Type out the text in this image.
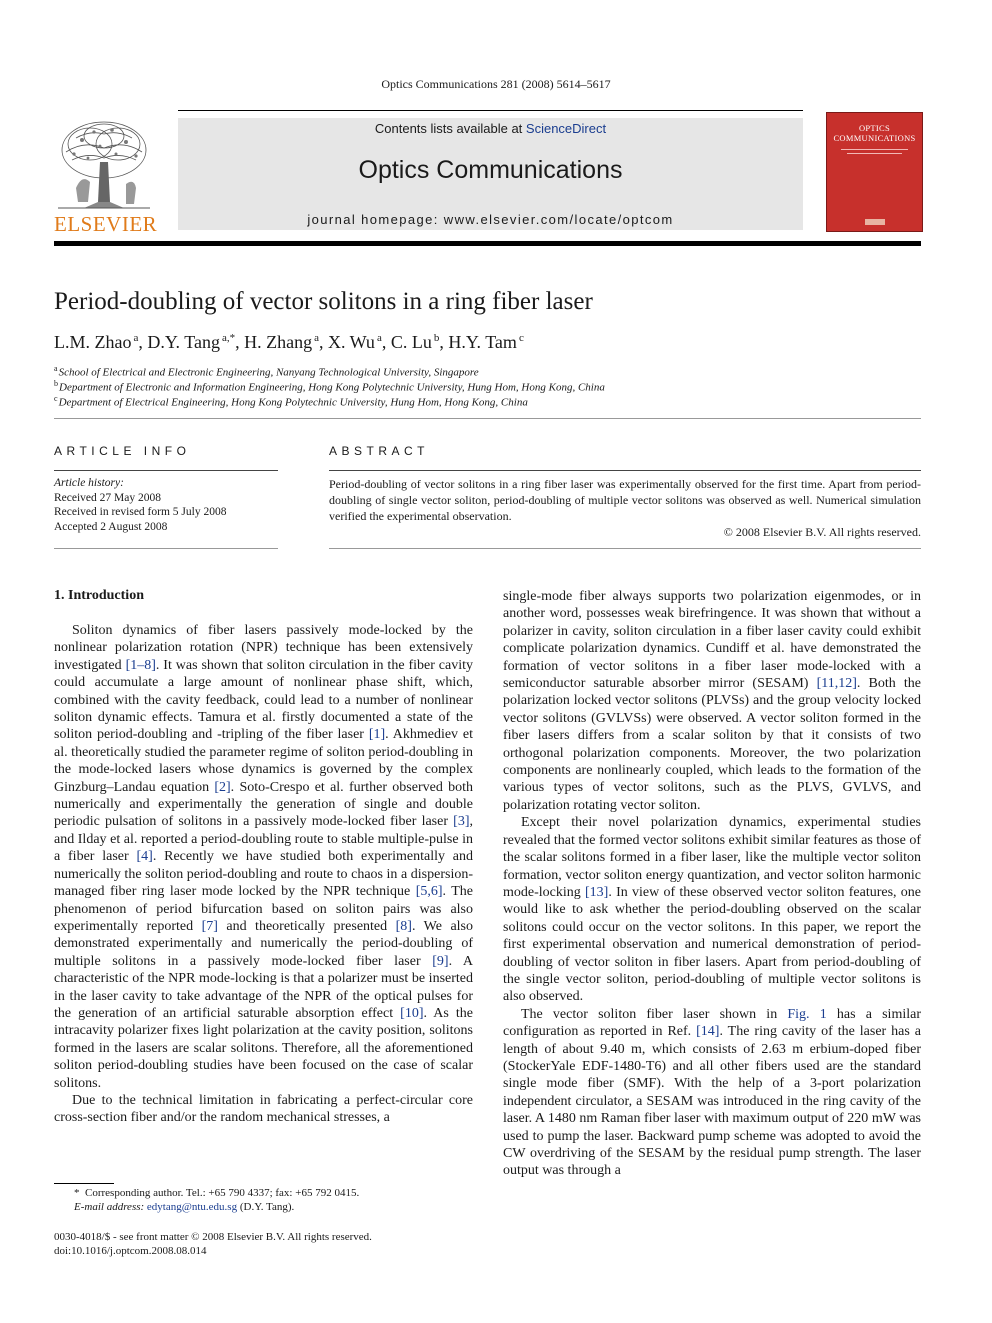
Optics Communications 281 (2008) 5614–5617
ELSEVIER
Contents lists available at ScienceDirect
Optics Communications
journal homepage: www.elsevier.com/locate/optcom
OPTICS
COMMUNICATIONS
Period-doubling of vector solitons in a ring fiber laser
L.M. Zhao $^a$, D.Y. Tang $^{a,*}$, H. Zhang $^a$, X. Wu $^a$, C. Lu $^b$, H.Y. Tam $^c$
$^a$School of Electrical and Electronic Engineering, Nanyang Technological University, Singapore
$^b$Department of Electronic and Information Engineering, Hong Kong Polytechnic University, Hung Hom, Hong Kong, China
$^c$Department of Electrical Engineering, Hong Kong Polytechnic University, Hung Hom, Hong Kong, China
ARTICLE INFO
Article history:
Received 27 May 2008
Received in revised form 5 July 2008
Accepted 2 August 2008
ABSTRACT
Period-doubling of vector solitons in a ring fiber laser was experimentally observed for the first time. Apart from period-doubling of single vector soliton, period-doubling of multiple vector solitons was observed as well. Numerical simulation verified the experimental observation.
© 2008 Elsevier B.V. All rights reserved.
1. Introduction

Soliton dynamics of fiber lasers passively mode-locked by the nonlinear polarization rotation (NPR) technique has been extensively investigated [1–8]. It was shown that soliton circulation in the fiber cavity could accumulate a large amount of nonlinear phase shift, which, combined with the cavity feedback, could lead to a number of nonlinear soliton dynamic effects. Tamura et al. firstly documented a state of the soliton period-doubling and -tripling of the fiber laser [1]. Akhmediev et al. theoretically studied the parameter regime of soliton period-doubling in the mode-locked lasers whose dynamics is governed by the complex Ginzburg–Landau equation [2]. Soto-Crespo et al. further observed both numerically and experimentally the generation of single and double periodic pulsation of solitons in a passively mode-locked fiber laser [3], and Ilday et al. reported a period-doubling route to stable multiple-pulse in a fiber laser [4]. Recently we have studied both experimentally and numerically the soliton period-doubling and route to chaos in a dispersion-managed fiber ring laser mode locked by the NPR technique [5,6]. The phenomenon of period bifurcation based on soliton pairs was also experimentally reported [7] and theoretically presented [8]. We also demonstrated experimentally and numerically the period-doubling of multiple solitons in a passively mode-locked fiber laser [9]. A characteristic of the NPR mode-locking is that a polarizer must be inserted in the laser cavity to take advantage of the NPR of the optical pulses for the generation of an artificial saturable absorption effect [10]. As the intracavity polarizer fixes light polarization at the cavity position, solitons formed in the lasers are scalar solitons. Therefore, all the aforementioned soliton period-doubling studies have been focused on the case of scalar solitons.

Due to the technical limitation in fabricating a perfect-circular core cross-section fiber and/or the random mechanical stresses, a

single-mode fiber always supports two polarization eigenmodes, or in another word, possesses weak birefringence. It was shown that without a polarizer in cavity, soliton circulation in a fiber laser cavity could exhibit complicate polarization dynamics. Cundiff et al. have demonstrated the formation of vector solitons in a fiber laser mode-locked with a semiconductor saturable absorber mirror (SESAM) [11,12]. Both the polarization locked vector solitons (PLVSs) and the group velocity locked vector solitons (GVLVSs) were observed. A vector soliton formed in the fiber lasers differs from a scalar soliton by that it consists of two orthogonal polarization components. Moreover, the two polarization components are nonlinearly coupled, which leads to the formation of the various types of vector solitons, such as the PLVS, GVLVS, and polarization rotating vector soliton.

Except their novel polarization dynamics, experimental studies revealed that the formed vector solitons exhibit similar features as those of the scalar solitons formed in a fiber laser, like the multiple vector soliton formation, vector soliton energy quantization, and vector soliton harmonic mode-locking [13]. In view of these observed vector soliton features, one would like to ask whether the period-doubling observed on the scalar solitons could occur on the vector solitons. In this paper, we report the first experimental observation and numerical demonstration of period-doubling of vector soliton in fiber lasers. Apart from period-doubling of the single vector soliton, period-doubling of multiple vector solitons is also observed.

The vector soliton fiber laser shown in Fig. 1 has a similar configuration as reported in Ref. [14]. The ring cavity of the laser has a length of about 9.40 m, which consists of 2.63 m erbium-doped fiber (StockerYale EDF-1480-T6) and all other fibers used are the standard single mode fiber (SMF). With the help of a 3-port polarization independent circulator, a SESAM was introduced in the ring cavity of the laser. A 1480 nm Raman fiber laser with maximum output of 220 mW was used to pump the laser. Backward pump scheme was adopted to avoid the CW overdriving of the SESAM by the residual pump strength. The laser output was through a

* Corresponding author. Tel.: +65 790 4337; fax: +65 792 0415.
E-mail address: edytang@ntu.edu.sg (D.Y. Tang).
0030-4018/$ - see front matter © 2008 Elsevier B.V. All rights reserved.
doi:10.1016/j.optcom.2008.08.014
